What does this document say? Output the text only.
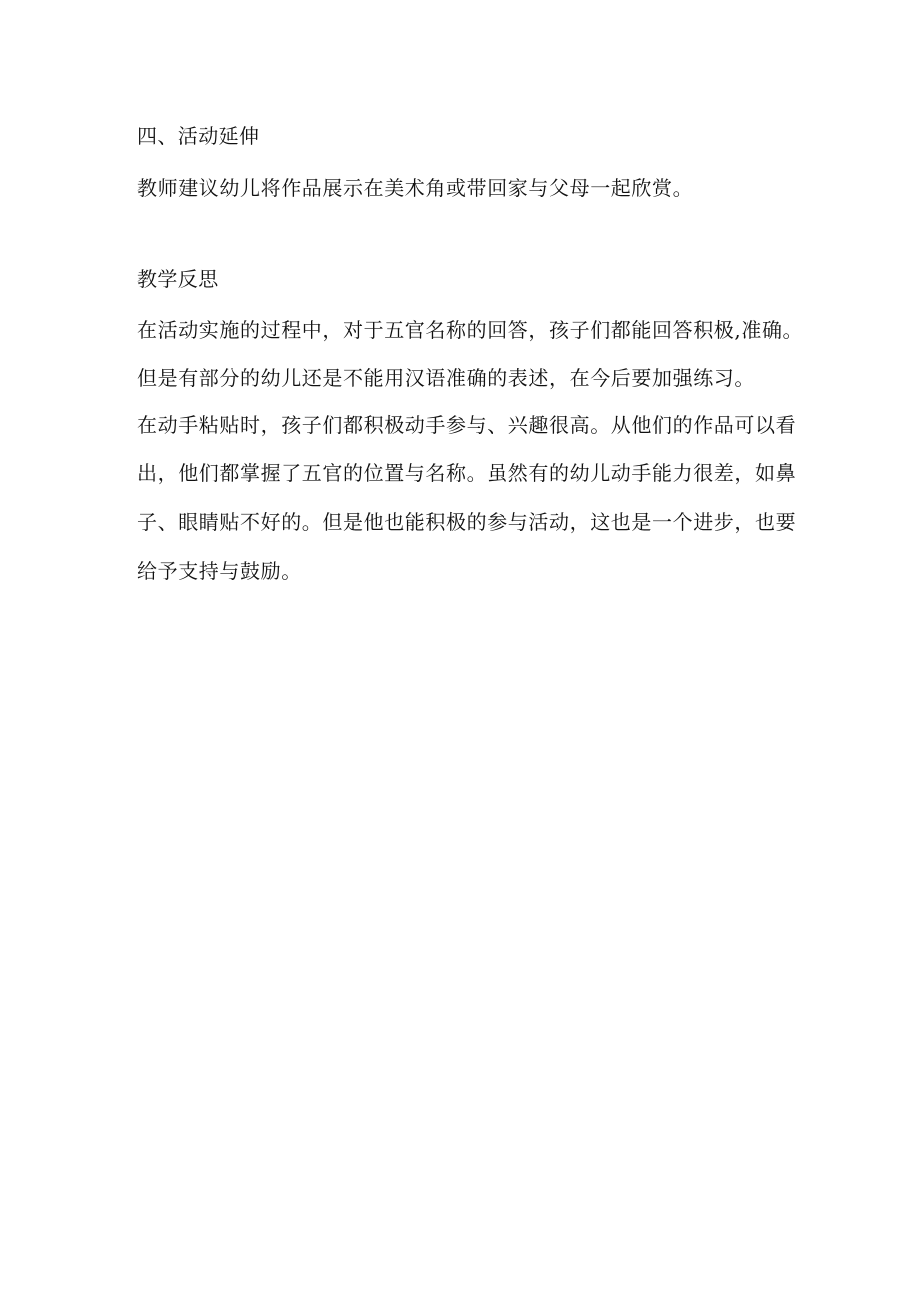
四、活动延伸
教师建议幼儿将作品展示在美术角或带回家与父母一起欣赏。
教学反思
在活动实施的过程中，对于五官名称的回答，孩子们都能回答积极,准确。
但是有部分的幼儿还是不能用汉语准确的表述，在今后要加强练习。
在动手粘贴时，孩子们都积极动手参与、兴趣很高。从他们的作品可以看
出，他们都掌握了五官的位置与名称。虽然有的幼儿动手能力很差，如鼻
子、眼睛贴不好的。但是他也能积极的参与活动，这也是一个进步，也要
给予支持与鼓励。
